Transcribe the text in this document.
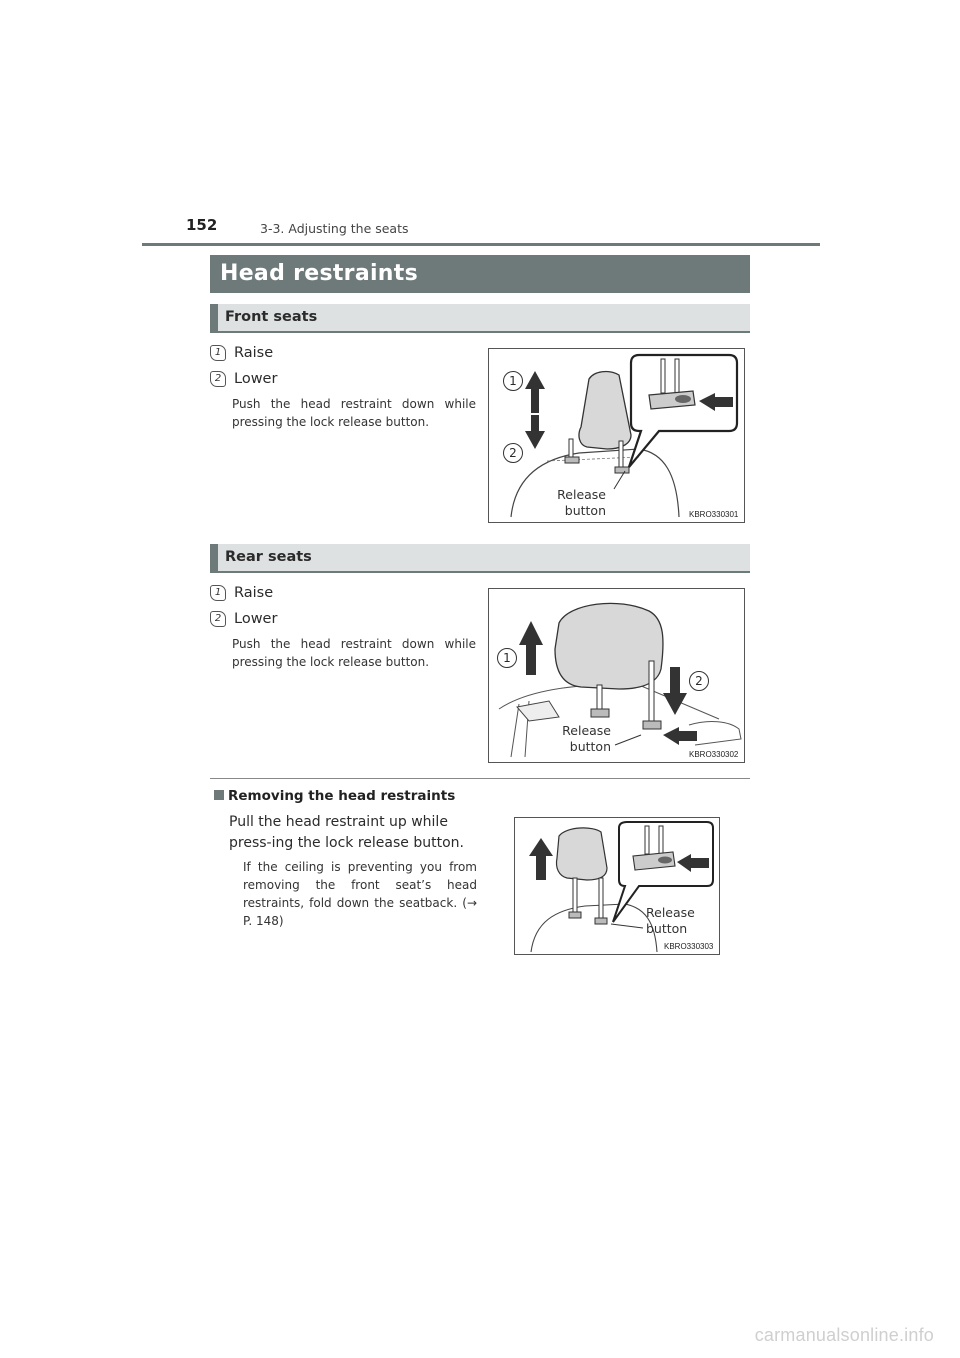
152	3-3. Adjusting the seats
Head restraints
Front seats
1 Raise
2 Lower
Push the head restraint down while pressing the lock release button.
1
2
Release
button	KBRO330301
Rear seats
1 Raise
2 Lower
Push the head restraint down while pressing the lock release button.	1
2
Release
button
KBRO330302
Removing the head restraints
Pull the head restraint up while press-ing the lock release button.
If the ceiling is preventing you from removing the front seat’s head restraints, fold down the seatback. (→ P. 148)
Release
button
KBRO330303
carmanualsonline.info
